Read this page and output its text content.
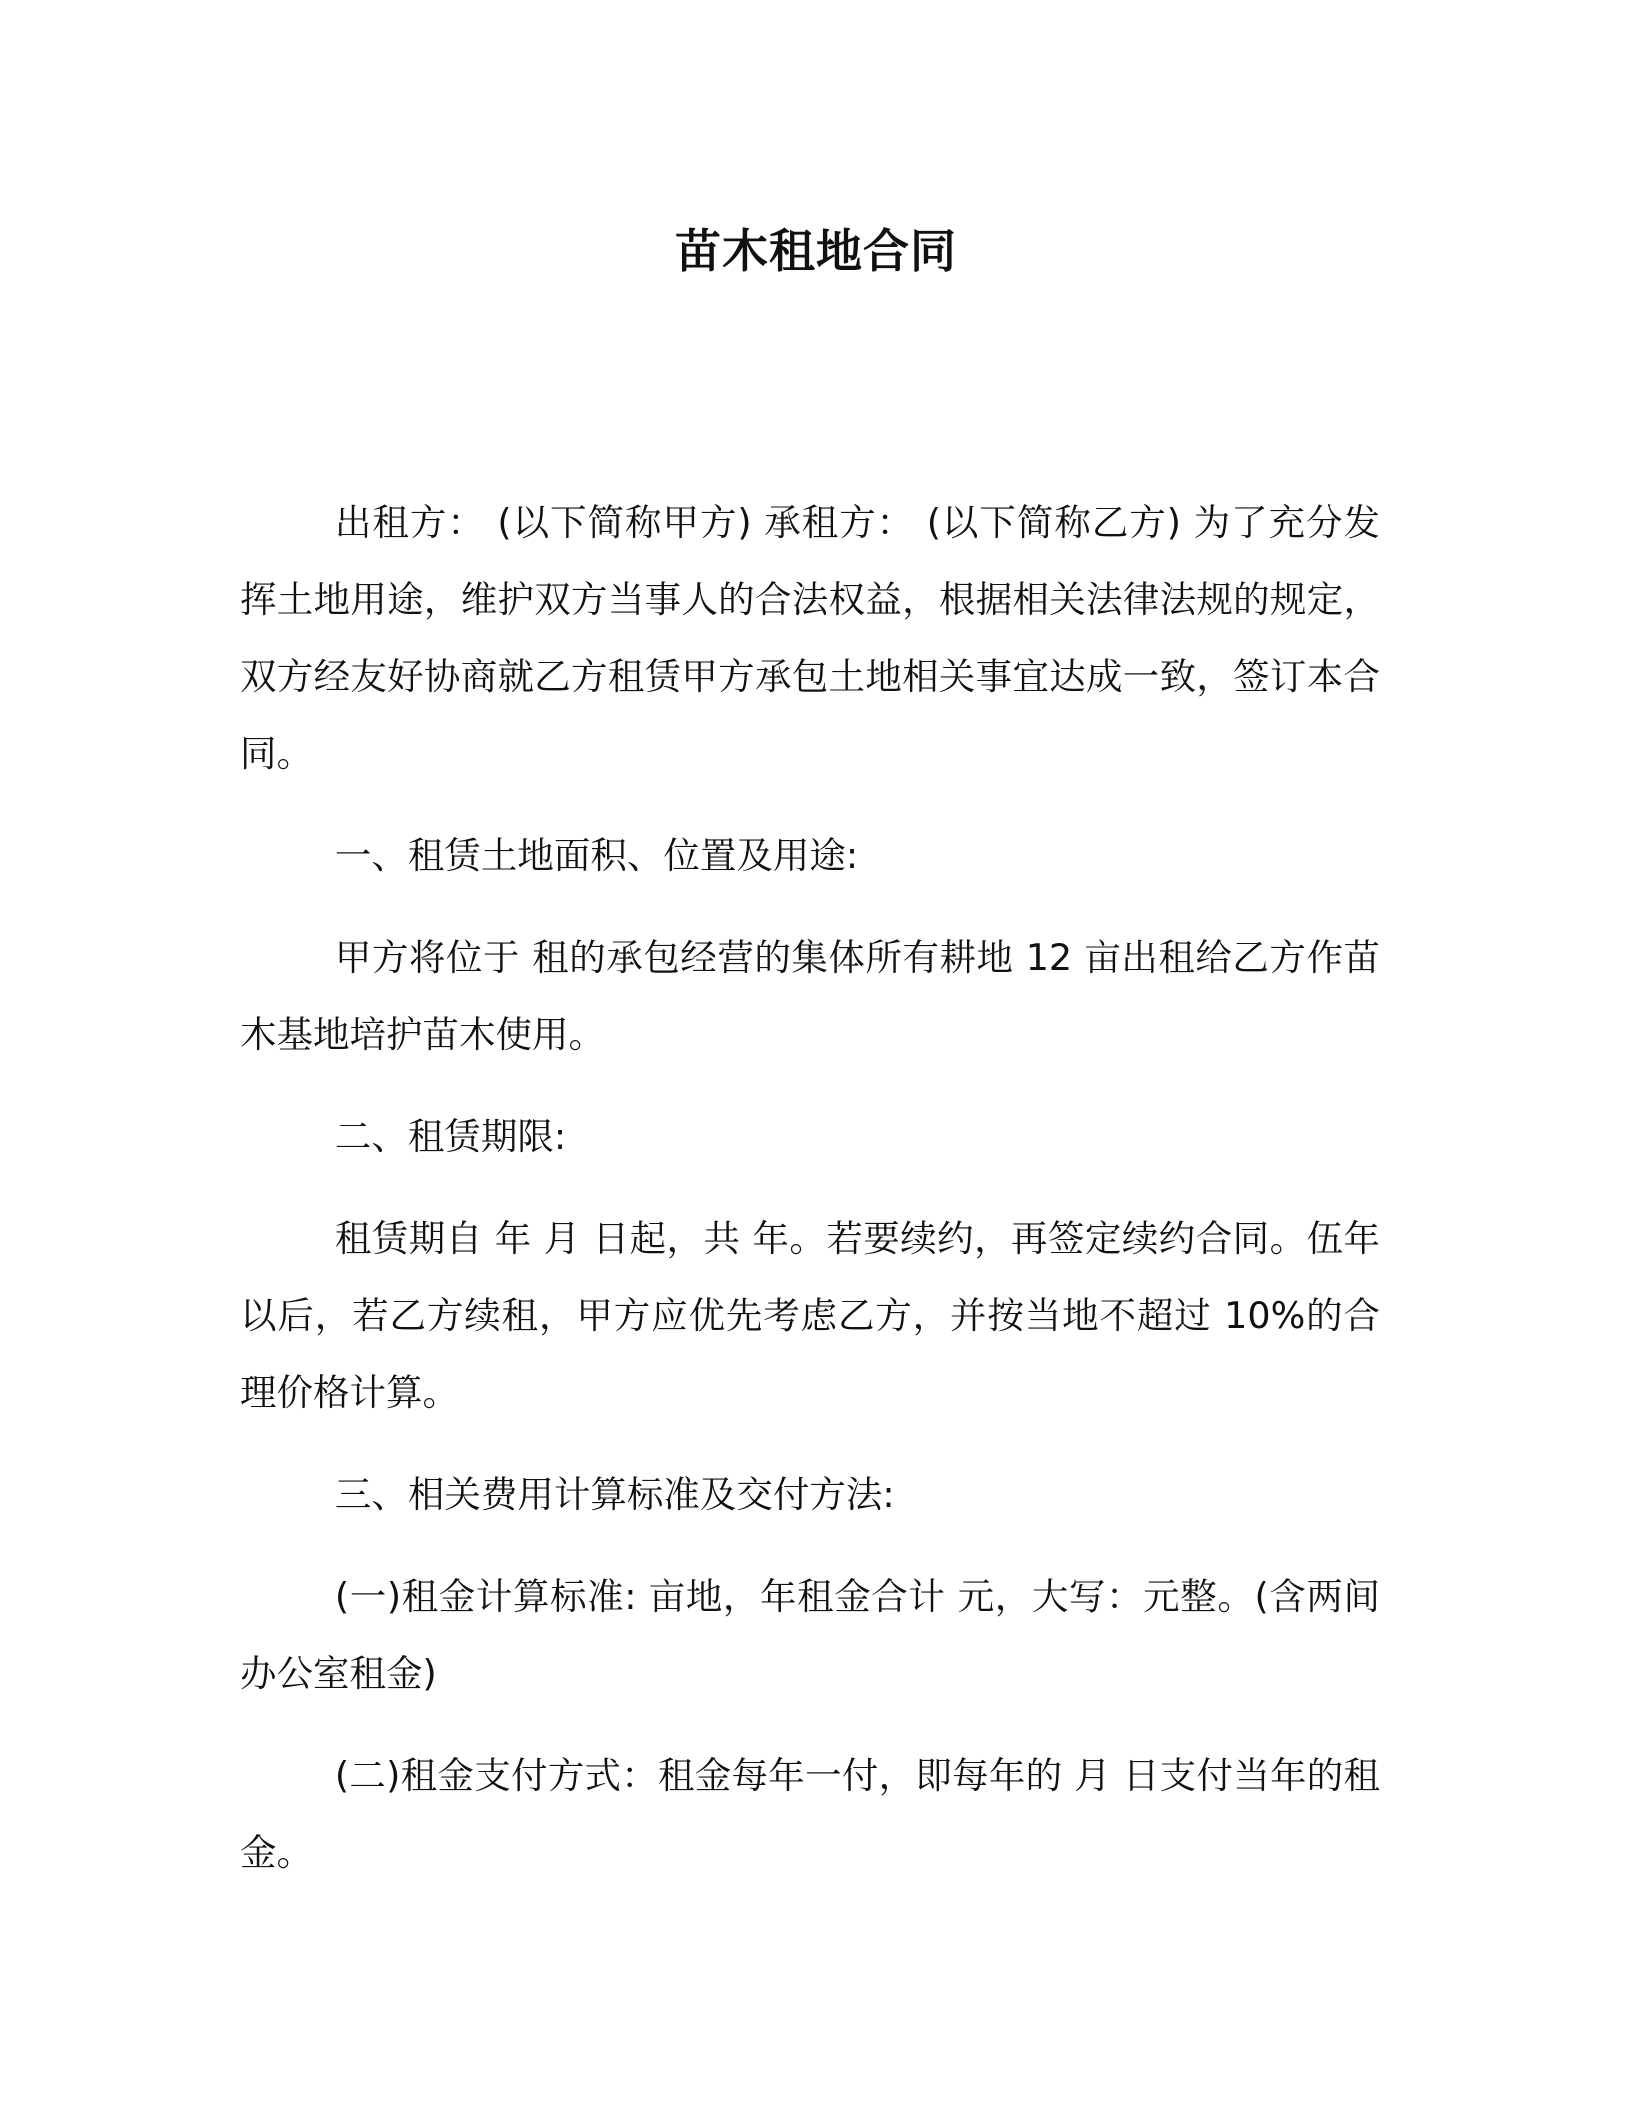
苗木租地合同

出租方： (以下简称甲方) 承租方： (以下简称乙方) 为了充分发挥土地用途，维护双方当事人的合法权益，根据相关法律法规的规定，双方经友好协商就乙方租赁甲方承包土地相关事宜达成一致，签订本合同。

一、租赁土地面积、位置及用途:

甲方将位于 租的承包经营的集体所有耕地 12 亩出租给乙方作苗木基地培护苗木使用。

二、租赁期限:

租赁期自 年 月 日起，共 年。若要续约，再签定续约合同。伍年以后，若乙方续租，甲方应优先考虑乙方，并按当地不超过 10%的合理价格计算。

三、相关费用计算标准及交付方法:

(一)租金计算标准: 亩地，年租金合计 元，大写：元整。(含两间办公室租金)

(二)租金支付方式：租金每年一付，即每年的 月 日支付当年的租金。
